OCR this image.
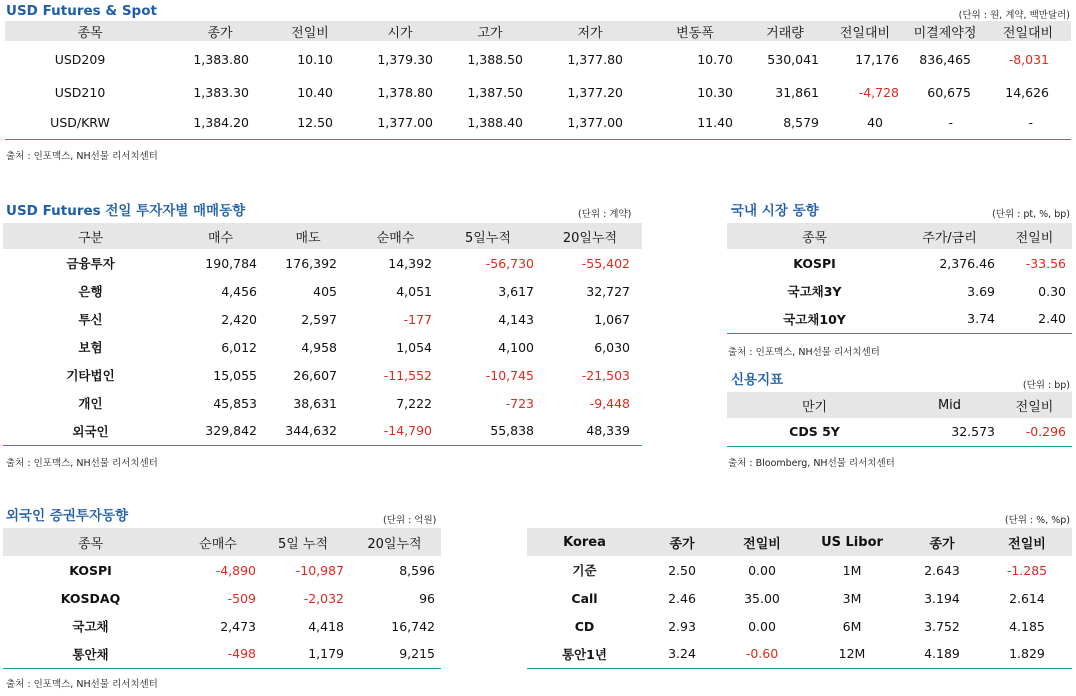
USD Futures & Spot	(단위 : 원, 계약, 백만달러)
종목	종가	전일비	시가	고가	저가	변동폭	거래량	전일대비	미결제약정	전일대비
USD209	1,383.80	10.10	1,379.30	1,388.50	1,377.80	10.70	530,041	17,176	836,465	-8,031
USD210	1,383.30	10.40	1,378.80	1,387.50	1,377.20	10.30	31,861	-4,728	60,675	14,626
USD/KRW	1,384.20	12.50	1,377.00	1,388.40	1,377.00	11.40	8,579	40	-	-
출처 : 인포맥스, NH선물 리서치센터
USD Futures 전일 투자자별 매매동향	(단위 : 계약)
구분	매수	매도	순매수	5일누적	20일누적
금융투자	190,784	176,392	14,392	-56,730	-55,402
은행	4,456	405	4,051	3,617	32,727
투신	2,420	2,597	-177	4,143	1,067
보험	6,012	4,958	1,054	4,100	6,030
기타법인	15,055	26,607	-11,552	-10,745	-21,503
개인	45,853	38,631	7,222	-723	-9,448
외국인	329,842	344,632	-14,790	55,838	48,339
출처 : 인포맥스, NH선물 리서치센터
국내 시장 동향	(단위 : pt, %, bp)
종목	주가/금리	전일비
KOSPI	2,376.46	-33.56
국고채3Y	3.69	0.30
국고채10Y	3.74	2.40
출처 : 인포맥스, NH선물 리서치센터
신용지표	(단위 : bp)
만기	Mid	전일비
CDS 5Y	32.573	-0.296
출처 : Bloomberg, NH선물 리서치센터
외국인 증권투자동향	(단위 : 억원)
종목	순매수	5일 누적	20일누적
KOSPI	-4,890	-10,987	8,596
KOSDAQ	-509	-2,032	96
국고채	2,473	4,418	16,742
통안채	-498	1,179	9,215
출처 : 인포맥스, NH선물 리서치센터
(단위 : %, %p)
Korea	종가	전일비	US Libor	종가	전일비
기준	2.50	0.00	1M	2.643	-1.285
Call	2.46	35.00	3M	3.194	2.614
CD	2.93	0.00	6M	3.752	4.185
통안1년	3.24	-0.60	12M	4.189	1.829
